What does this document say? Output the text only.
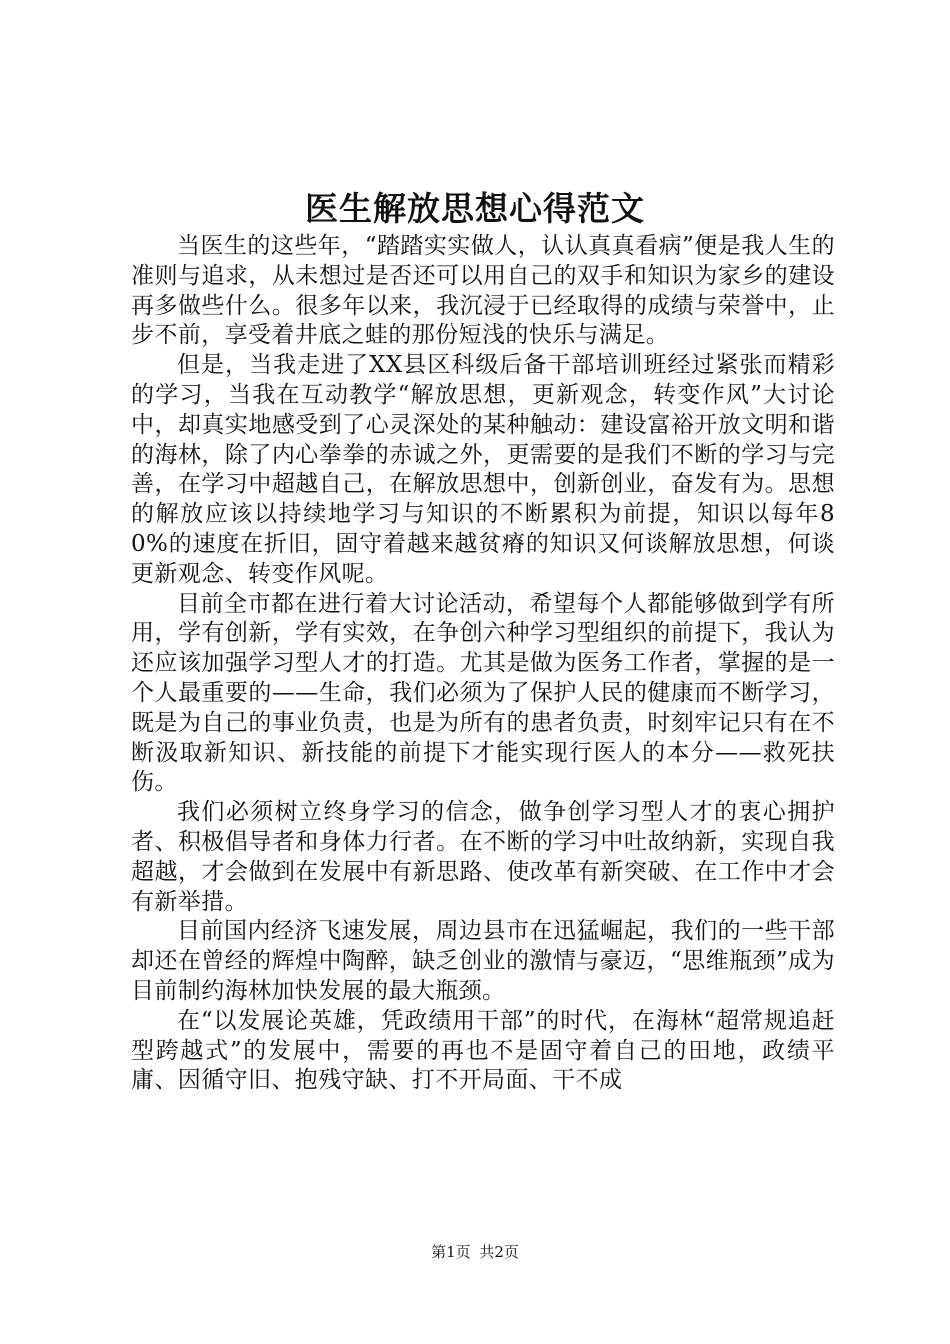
医生解放思想心得范文

当医生的这些年，“踏踏实实做人，认认真真看病”便是我人生的准则与追求，从未想过是否还可以用自己的双手和知识为家乡的建设再多做些什么。很多年以来，我沉浸于已经取得的成绩与荣誉中，止步不前，享受着井底之蛙的那份短浅的快乐与满足。

但是，当我走进了XX县区科级后备干部培训班经过紧张而精彩的学习，当我在互动教学“解放思想，更新观念，转变作风”大讨论中，却真实地感受到了心灵深处的某种触动：建设富裕开放文明和谐的海林，除了内心拳拳的赤诚之外，更需要的是我们不断的学习与完善，在学习中超越自己，在解放思想中，创新创业，奋发有为。思想的解放应该以持续地学习与知识的不断累积为前提，知识以每年80%的速度在折旧，固守着越来越贫瘠的知识又何谈解放思想，何谈更新观念、转变作风呢。

目前全市都在进行着大讨论活动，希望每个人都能够做到学有所用，学有创新，学有实效，在争创六种学习型组织的前提下，我认为还应该加强学习型人才的打造。尤其是做为医务工作者，掌握的是一个人最重要的——生命，我们必须为了保护人民的健康而不断学习，既是为自己的事业负责，也是为所有的患者负责，时刻牢记只有在不断汲取新知识、新技能的前提下才能实现行医人的本分——救死扶伤。

我们必须树立终身学习的信念，做争创学习型人才的衷心拥护者、积极倡导者和身体力行者。在不断的学习中吐故纳新，实现自我超越，才会做到在发展中有新思路、使改革有新突破、在工作中才会有新举措。

目前国内经济飞速发展，周边县市在迅猛崛起，我们的一些干部却还在曾经的辉煌中陶醉，缺乏创业的激情与豪迈，“思维瓶颈”成为目前制约海林加快发展的最大瓶颈。

在“以发展论英雄，凭政绩用干部”的时代，在海林“超常规追赶型跨越式”的发展中，需要的再也不是固守着自己的田地，政绩平庸、因循守旧、抱残守缺、打不开局面、干不成

第1页 共2页
